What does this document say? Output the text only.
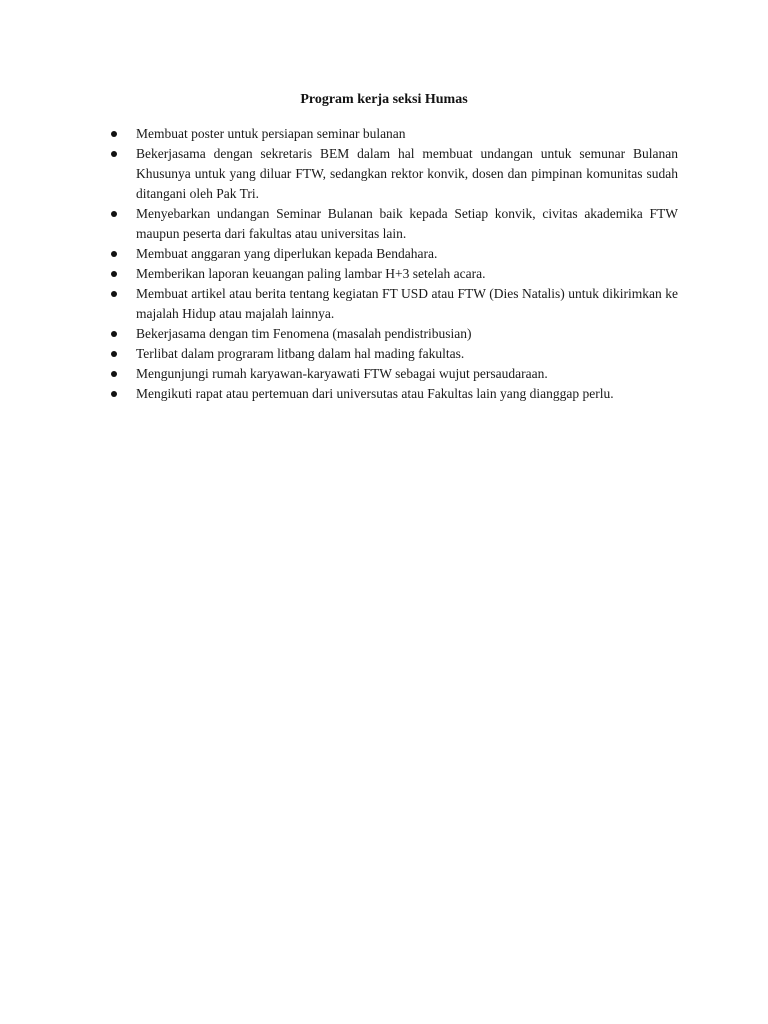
Program kerja seksi Humas
Membuat poster untuk persiapan seminar bulanan
Bekerjasama dengan sekretaris BEM dalam hal membuat undangan untuk semunar Bulanan Khusunya untuk yang diluar FTW, sedangkan rektor konvik, dosen dan pimpinan komunitas sudah ditangani oleh Pak Tri.
Menyebarkan undangan Seminar Bulanan baik kepada Setiap konvik, civitas akademika FTW maupun peserta dari fakultas atau universitas lain.
Membuat anggaran yang diperlukan kepada Bendahara.
Memberikan laporan keuangan paling lambar H+3 setelah acara.
Membuat artikel atau berita tentang kegiatan FT USD atau FTW (Dies Natalis) untuk dikirimkan ke majalah Hidup atau majalah lainnya.
Bekerjasama dengan tim Fenomena (masalah pendistribusian)
Terlibat dalam prograram litbang dalam hal mading fakultas.
Mengunjungi rumah karyawan-karyawati FTW sebagai wujut persaudaraan.
Mengikuti rapat atau pertemuan dari universutas atau Fakultas lain yang dianggap perlu.
